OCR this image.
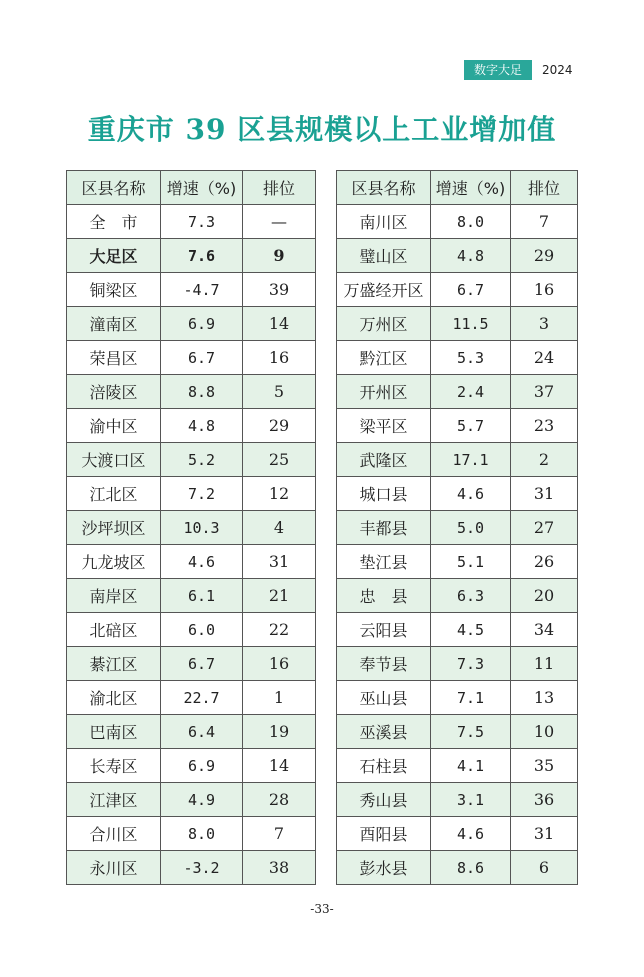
数字大足	2024
重庆市 39 区县规模以上工业增加值
区县名称	增速（%)	排位
全　市	7.3	—
大足区	7.6	9
铜梁区	-4.7	39
潼南区	6.9	14
荣昌区	6.7	16
涪陵区	8.8	5
渝中区	4.8	29
大渡口区	5.2	25
江北区	7.2	12
沙坪坝区	10.3	4
九龙坡区	4.6	31
南岸区	6.1	21
北碚区	6.0	22
綦江区	6.7	16
渝北区	22.7	1
巴南区	6.4	19
长寿区	6.9	14
江津区	4.9	28
合川区	8.0	7
永川区	-3.2	38
区县名称	增速（%)	排位
南川区	8.0	7
璧山区	4.8	29
万盛经开区	6.7	16
万州区	11.5	3
黔江区	5.3	24
开州区	2.4	37
梁平区	5.7	23
武隆区	17.1	2
城口县	4.6	31
丰都县	5.0	27
垫江县	5.1	26
忠　县	6.3	20
云阳县	4.5	34
奉节县	7.3	11
巫山县	7.1	13
巫溪县	7.5	10
石柱县	4.1	35
秀山县	3.1	36
酉阳县	4.6	31
彭水县	8.6	6
-33-
